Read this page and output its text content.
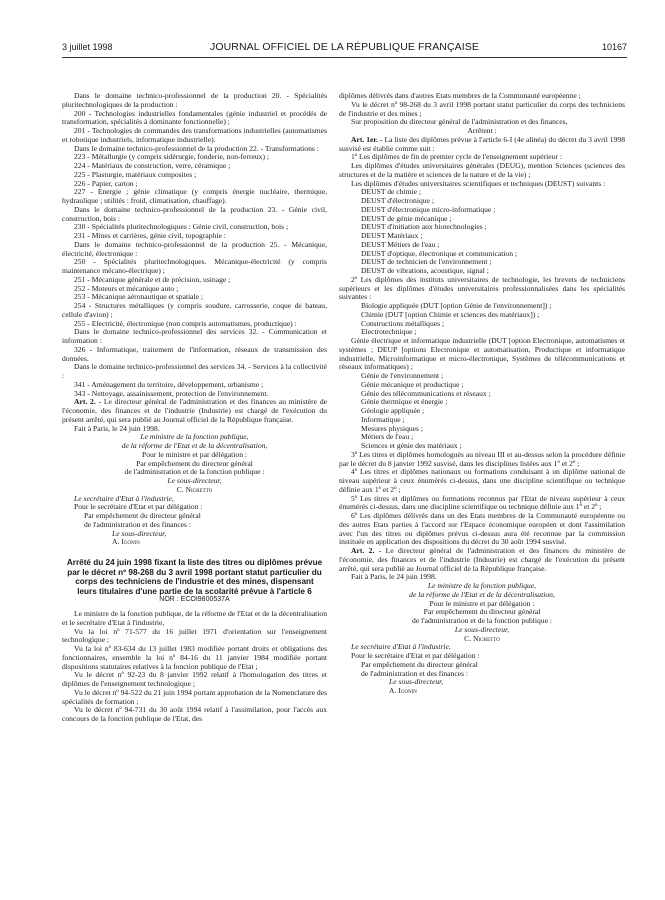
3 juillet 1998	JOURNAL OFFICIEL DE LA RÉPUBLIQUE FRANÇAISE	10167

Dans le domaine technico-professionnel de la production 20. - Spécialités pluritechnologiques de la production :

200 - Technologies industrielles fondamentales (génie industriel et procédés de transformation, spécialités à dominante fonctionnelle) ;

201 - Technologies de commandes des transformations industrielles (automatismes et robotique industriels, informatique industrielle).

Dans le domaine technico-professionnel de la production 22. - Transformations :

223 - Métallurgie (y compris sidérurgie, fonderie, non-ferreux) ;

224 - Matériaux de construction, verre, céramique ;

225 - Plasturgie, matériaux composites ;

226 - Papier, carton ;

227 - Energie ; génie climatique (y compris énergie nucléaire, thermique, hydraulique ; utilités : froid, climatisation, chauffage).

Dans le domaine technico-professionnel de la production 23. - Génie civil, construction, bois :

230 - Spécialités pluritechnologiques : Génie civil, construction, bois ;

231 - Mines et carrières, génie civil, topographie :

Dans le domaine technico-professionnel de la production 25. - Mécanique, électricité, électronique :

250 - Spécialités pluritechnologiques. Mécanique-électricité (y compris maintenance mécano-électrique) ;

251 - Mécanique générale et de précision, usinage ;

252 - Moteurs et mécanique auto ;

253 - Mécanique aéronautique et spatiale ;

254 - Structures métalliques (y compris soudure, carrosserie, coque de bateau, cellule d'avion) ;

255 - Electricité, électronique (non compris automatismes, productique) :

Dans le domaine technico-professionnel des services 32. - Communication et information :

326 - Informatique, traitement de l'information, réseaux de transmission des données.

Dans le domaine technico-professionnel des services 34. - Services à la collectivité :

341 - Aménagement du territoire, développement, urbanisme ;

343 - Nettoyage, assainissement, protection de l'environnement.

Art. 2. - Le directeur général de l'administration et des finances au ministère de l'économie, des finances et de l'industrie (Industrie) est chargé de l'exécution du présent arrêté, qui sera publié au Journal officiel de la République française.

Fait à Paris, le 24 juin 1998.

Le ministre de la fonction publique,

de la réforme de l'Etat et de la décentralisation,

Pour le ministre et par délégation :

Par empêchement du directeur général

de l'administration et de la fonction publique :

Le sous-directeur,

C. Nigretto

Le secrétaire d'Etat à l'industrie,

Pour le secrétaire d'Etat et par délégation :

Par empêchement du directeur général

de l'administration et des finances :

Le sous-directeur,

A. Igonin

Arrêté du 24 juin 1998 fixant la liste des titres ou diplômes prévue par le décret nº 98-268 du 3 avril 1998 portant statut particulier du corps des techniciens de l'industrie et des mines, dispensant leurs titulaires d'une partie de la scolarité prévue à l'article 6

NOR : ECOI9800537A

Le ministre de la fonction publique, de la réforme de l'Etat et de la décentralisation et le secrétaire d'Etat à l'industrie,

Vu la loi nº 71-577 du 16 juillet 1971 d'orientation sur l'enseignement technologique ;

Vu la loi nº 83-634 du 13 juillet 1983 modifiée portant droits et obligations des fonctionnaires, ensemble la loi nº 84-16 du 11 janvier 1984 modifiée portant dispositions statutaires relatives à la fonction publique de l'Etat ;

Vu le décret nº 92-23 du 8 janvier 1992 relatif à l'homologation des titres et diplômes de l'enseignement technologique ;

Vu le décret nº 94-522 du 21 juin 1994 portant approbation de la Nomenclature des spécialités de formation ;

Vu le décret nº 94-731 du 30 août 1994 relatif à l'assimilation, pour l'accès aux concours de la fonction publique de l'Etat, des

diplômes délivrés dans d'autres Etats membres de la Communauté européenne ;

Vu le décret nº 98-268 du 3 avril 1998 portant statut particulier du corps des techniciens de l'industrie et des mines ;

Sur proposition du directeur général de l'administration et des finances,

Arrêtent :

Art. 1er. - La liste des diplômes prévue à l'article 6-I (4e alinéa) du décret du 3 avril 1998 susvisé est établie comme suit :

1º Les diplômes de fin de premier cycle de l'enseignement supérieur :

Les diplômes d'études universitaires générales (DEUG), mention Sciences (sciences des structures et de la matière et sciences de la nature et de la vie) ;

Les diplômes d'études universitaires scientifiques et techniques (DEUST) suivants :

DEUST de chimie ;

DEUST d'électronique ;

DEUST d'électronique micro-informatique ;

DEUST de génie mécanique ;

DEUST d'initiation aux biotechnologies ;

DEUST Matériaux ;

DEUST Métiers de l'eau ;

DEUST d'optique, électronique et communication ;

DEUST de technicien de l'environnement ;

DEUST de vibrations, acoustique, signal ;

2º Les diplômes des instituts universitaires de technologie, les brevets de techniciens supérieurs et les diplômes d'études universitaires professionnalisées dans les spécialités suivantes :

Biologie appliquée (DUT [option Génie de l'environnement]) ;

Chimie (DUT [option Chimie et sciences des matériaux]) ;

Constructions métalliques ;

Electrotechnique ;

Génie électrique et informatique industrielle (DUT [option Electronique, automatismes et systèmes ; DEUP [options Electronique et automatisation, Productique et informatique industrielle, Microinformatique et micro-électronique, Systèmes de télécommunications et réseaux informatiques) ;

Génie de l'environnement ;

Génie mécanique et productique ;

Génie des télécommunications et réseaux ;

Génie thermique et énergie ;

Géologie appliquée ;

Informatique ;

Mesures physiques ;

Métiers de l'eau ;

Sciences et génie des matériaux ;

3º Les titres et diplômes homologués au niveau III et au-dessus selon la procédure définie par le décret du 8 janvier 1992 susvisé, dans les disciplines listées aux 1º et 2º ;

4º Les titres et diplômes nationaux ou formations conduisant à un diplôme national de niveau supérieur à ceux énumérés ci-dessus, dans une discipline scientifique ou technique définie aux 1º et 2º ;

5º Les titres et diplômes ou formations reconnus par l'Etat de niveau supérieur à ceux énumérés ci-dessus, dans une discipline scientifique ou technique définie aux 1º et 2º ;

6º Les diplômes délivrés dans un des Etats membres de la Communauté européenne ou des autres Etats parties à l'accord sur l'Espace économique européen et dont l'assimilation avec l'un des titres ou diplômes prévus ci-dessus aura été reconnue par la commission instituée en application des dispositions du décret du 30 août 1994 susvisé.

Art. 2. - Le directeur général de l'administration et des finances du ministère de l'économie, des finances et de l'industrie (Industrie) est chargé de l'exécution du présent arrêté, qui sera publié au Journal officiel de la République française.

Fait à Paris, le 24 juin 1998.

Le ministre de la fonction publique,

de la réforme de l'Etat et de la décentralisation,

Pour le ministre et par délégation :

Par empêchement du directeur général

de l'administration et de la fonction publique :

Le sous-directeur,

C. Nigretto

Le secrétaire d'Etat à l'industrie,

Pour le secrétaire d'Etat et par délégation :

Par empêchement du directeur général

de l'administration et des finances :

Le sous-directeur,

A. Igonin
